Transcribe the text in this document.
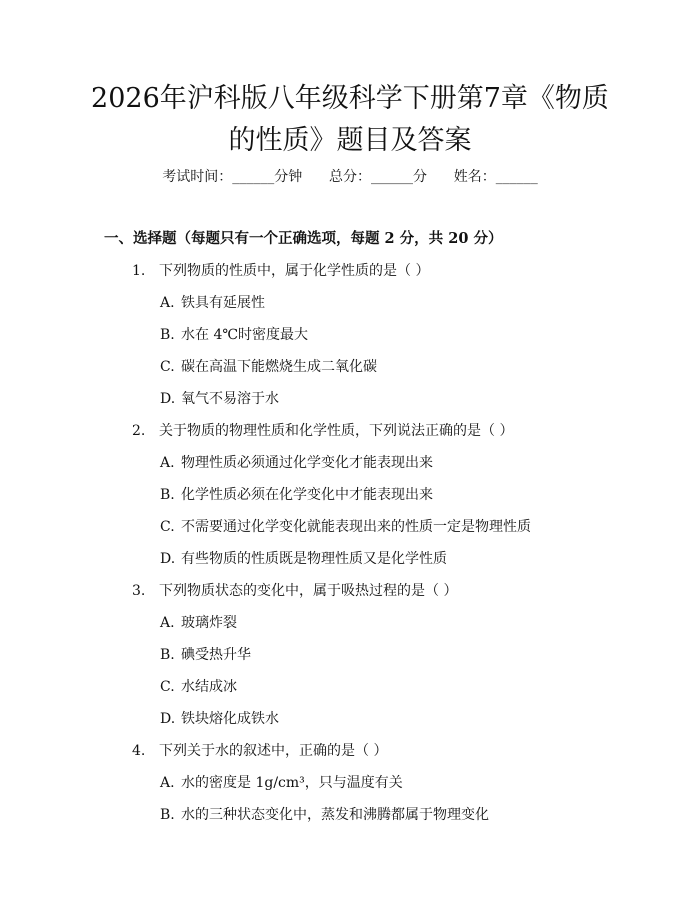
2026年沪科版八年级科学下册第7章《物质
的性质》题目及答案
考试时间：______分钟      总分：______分      姓名：______
一、选择题（每题只有一个正确选项，每题 2 分，共 20 分）
1. 下列物质的性质中，属于化学性质的是（ ）
A. 铁具有延展性
B. 水在 4℃时密度最大
C. 碳在高温下能燃烧生成二氧化碳
D. 氧气不易溶于水
2. 关于物质的物理性质和化学性质，下列说法正确的是（ ）
A. 物理性质必须通过化学变化才能表现出来
B. 化学性质必须在化学变化中才能表现出来
C. 不需要通过化学变化就能表现出来的性质一定是物理性质
D. 有些物质的性质既是物理性质又是化学性质
3. 下列物质状态的变化中，属于吸热过程的是（ ）
A. 玻璃炸裂
B. 碘受热升华
C. 水结成冰
D. 铁块熔化成铁水
4. 下列关于水的叙述中，正确的是（ ）
A. 水的密度是 1g/cm³，只与温度有关
B. 水的三种状态变化中，蒸发和沸腾都属于物理变化
